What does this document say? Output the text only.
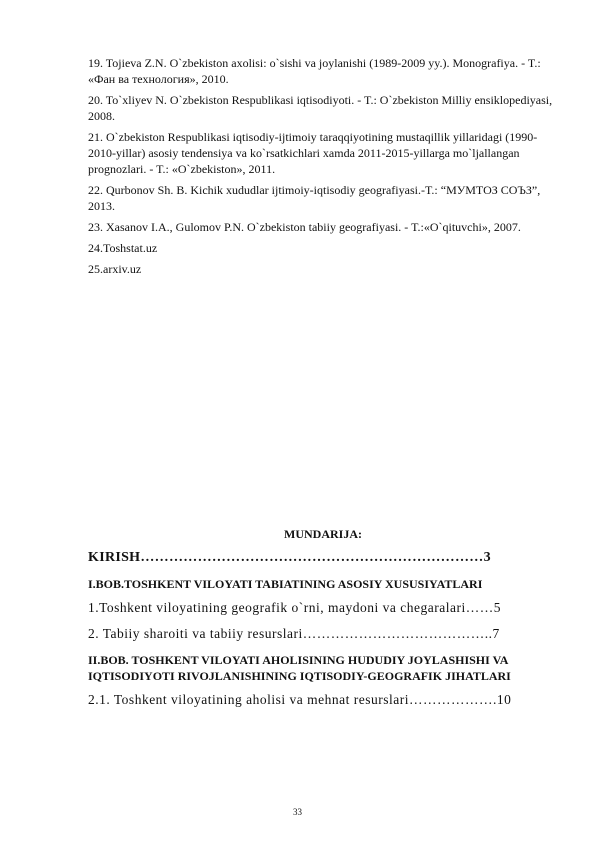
19. Tojieva Z.N. O`zbekiston axolisi: o`sishi va joylanishi (1989-2009 yy.). Monografiya. - T.: «Фан ва технология», 2010.

20. To`xliyev N. O`zbekiston Respublikasi iqtisodiyoti. - T.: O`zbekiston Milliy ensiklopediyasi, 2008.

21. O`zbekiston Respublikasi iqtisodiy-ijtimoiy taraqqiyotining mustaqillik yillaridagi (1990-2010-yillar) asosiy tendensiya va ko`rsatkichlari xamda 2011-2015-yillarga mo`ljallangan prognozlari. - T.: «O`zbekiston», 2011.

22. Qurbonov Sh. B. Kichik xududlar ijtimoiy-iqtisodiy geografiyasi.-T.: “МУМТОЗ СОЪЗ”, 2013.

23. Xasanov I.A., Gulomov P.N. O`zbekiston tabiiy geografiyasi. - T.:«O`qituvchi», 2007.

24.Toshstat.uz

25.arxiv.uz

MUNDARIJA:

KIRISH………………………………………………………………3

I.BOB.TOSHKENT VILOYATI TABIATINING ASOSIY XUSUSIYATLARI

1.Toshkent viloyatining geografik o`rni, maydoni va chegaralari……5

2. Tabiiy sharoiti va tabiiy resurslari…………………………………..7

II.BOB. TOSHKENT VILOYATI AHOLISINING HUDUDIY JOYLASHISHI VA IQTISODIYOTI RIVOJLANISHINING IQTISODIY-GEOGRAFIK JIHATLARI

2.1. Toshkent viloyatining aholisi va mehnat resurslari……………….10

33
